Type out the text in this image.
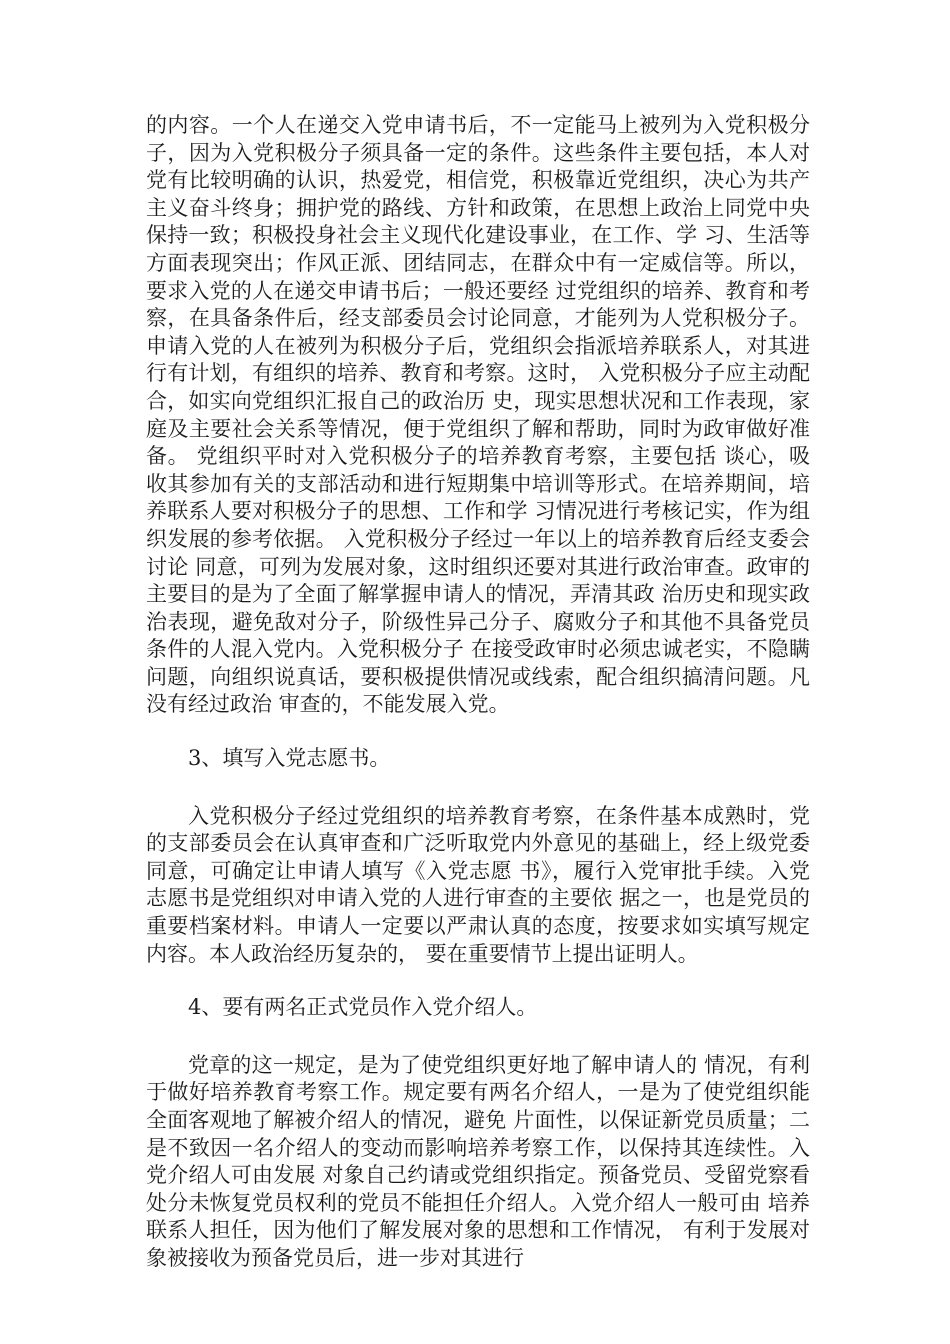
的内容。一个人在递交入党申请书后，不一定能马上被列为入党积极分子，因为入党积极分子须具备一定的条件。这些条件主要包括，本人对党有比较明确的认识，热爱党，相信党，积极靠近党组织，决心为共产主义奋斗终身；拥护党的路线、方针和政策，在思想上政治上同党中央保持一致；积极投身社会主义现代化建设事业，在工作、学 习、生活等方面表现突出；作风正派、团结同志，在群众中有一定威信等。所以，要求入党的人在递交申请书后；一般还要经 过党组织的培养、教育和考察，在具备条件后，经支部委员会讨论同意，才能列为人党积极分子。 申请入党的人在被列为积极分子后，党组织会指派培养联系人，对其进行有计划，有组织的培养、教育和考察。这时， 入党积极分子应主动配合，如实向党组织汇报自己的政治历 史，现实思想状况和工作表现，家庭及主要社会关系等情况，便于党组织了解和帮助，同时为政审做好准备。 党组织平时对入党积极分子的培养教育考察，主要包括 谈心，吸收其参加有关的支部活动和进行短期集中培训等形式。在培养期间，培养联系人要对积极分子的思想、工作和学 习情况进行考核记实，作为组织发展的参考依据。 入党积极分子经过一年以上的培养教育后经支委会讨论 同意，可列为发展对象，这时组织还要对其进行政治审查。政审的主要目的是为了全面了解掌握申请人的情况，弄清其政 治历史和现实政治表现，避免敌对分子，阶级性异己分子、腐败分子和其他不具备党员条件的人混入党内。入党积极分子 在接受政审时必须忠诚老实，不隐瞒问题，向组织说真话，要积极提供情况或线索，配合组织搞清问题。凡没有经过政治 审查的，不能发展入党。

3、填写入党志愿书。

入党积极分子经过党组织的培养教育考察，在条件基本成熟时，党的支部委员会在认真审查和广泛听取党内外意见的基础上，经上级党委同意，可确定让申请人填写《入党志愿 书》，履行入党审批手续。入党志愿书是党组织对申请入党的人进行审查的主要依 据之一，也是党员的重要档案材料。申请人一定要以严肃认真的态度，按要求如实填写规定内容。本人政治经历复杂的， 要在重要情节上提出证明人。

4、要有两名正式党员作入党介绍人。

党章的这一规定，是为了使党组织更好地了解申请人的 情况，有利于做好培养教育考察工作。规定要有两名介绍人，一是为了使党组织能全面客观地了解被介绍人的情况，避免 片面性，以保证新党员质量；二是不致因一名介绍人的变动而影响培养考察工作，以保持其连续性。入党介绍人可由发展 对象自己约请或党组织指定。预备党员、受留党察看处分未恢复党员权利的党员不能担任介绍人。入党介绍人一般可由 培养联系人担任，因为他们了解发展对象的思想和工作情况， 有利于发展对象被接收为预备党员后，进一步对其进行
